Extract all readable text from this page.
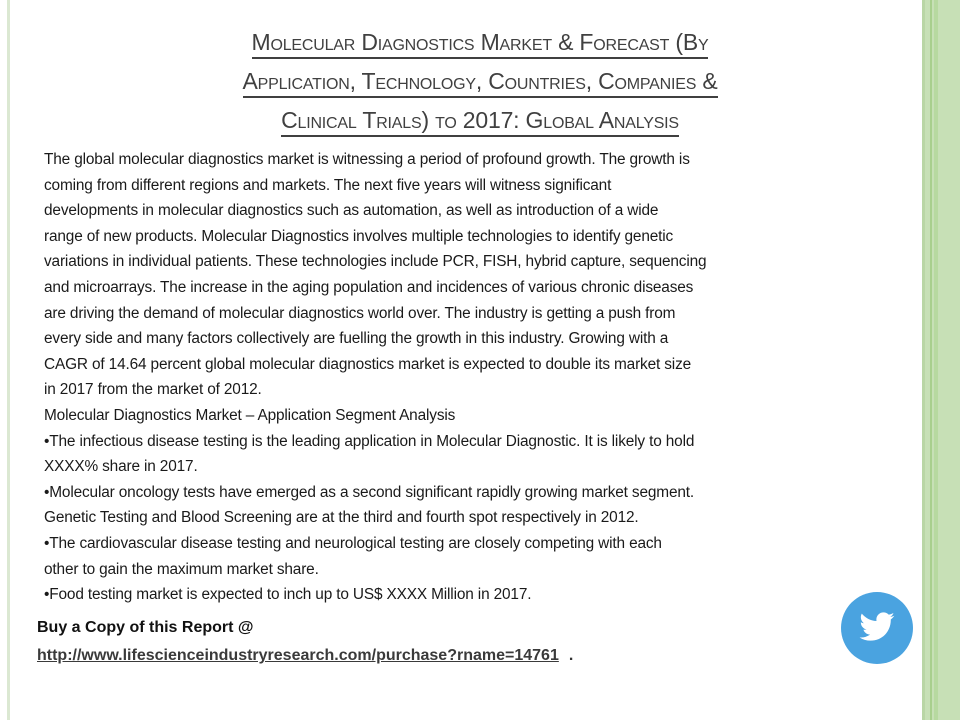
Molecular Diagnostics Market & Forecast (By
Application, Technology, Countries, Companies &
Clinical Trials) to 2017: Global Analysis

The global molecular diagnostics market is witnessing a period of profound growth. The growth is

coming from different regions and markets. The next five years will witness significant

developments in molecular diagnostics such as automation, as well as introduction of a wide

range of new products. Molecular Diagnostics involves multiple technologies to identify genetic

variations in individual patients. These technologies include PCR, FISH, hybrid capture, sequencing

and microarrays. The increase in the aging population and incidences of various chronic diseases

are driving the demand of molecular diagnostics world over. The industry is getting a push from

every side and many factors collectively are fuelling the growth in this industry. Growing with a

CAGR of 14.64 percent global molecular diagnostics market is expected to double its market size

in 2017 from the market of 2012.

Molecular Diagnostics Market – Application Segment Analysis

• The infectious disease testing is the leading application in Molecular Diagnostic. It is likely to hold

XXXX% share in 2017.

• Molecular oncology tests have emerged as a second significant rapidly growing market segment.

Genetic Testing and Blood Screening are at the third and fourth spot respectively in 2012.

• The cardiovascular disease testing and neurological testing are closely competing with each

other to gain the maximum market share.

• Food testing market is expected to inch up to US$ XXXX Million in 2017.

Buy a Copy of this Report @
http://www.lifescienceindustryresearch.com/purchase?rname=14761 .
